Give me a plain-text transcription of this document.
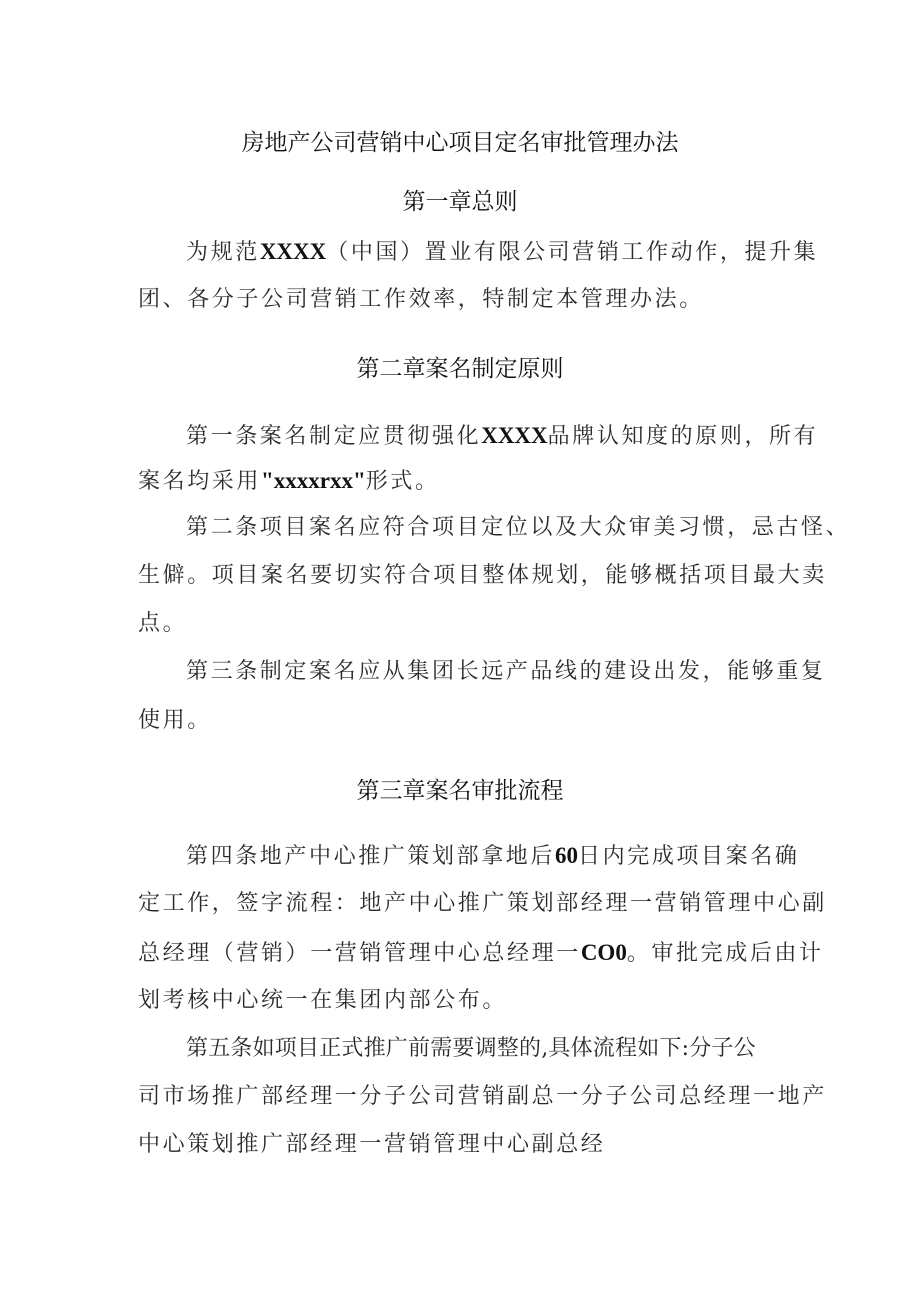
房地产公司营销中心项目定名审批管理办法
第一章总则
为规范XXXX（中国）置业有限公司营销工作动作，提升集
团、各分子公司营销工作效率，特制定本管理办法。
第二章案名制定原则
第一条案名制定应贯彻强化XXXX品牌认知度的原则，所有
案名均采用"xxxxrxx"形式。
第二条项目案名应符合项目定位以及大众审美习惯，忌古怪、
生僻。项目案名要切实符合项目整体规划，能够概括项目最大卖
点。
第三条制定案名应从集团长远产品线的建设出发，能够重复
使用。
第三章案名审批流程
第四条地产中心推广策划部拿地后60日内完成项目案名确
定工作，签字流程：地产中心推广策划部经理一营销管理中心副
总经理（营销）一营销管理中心总经理一CO0。审批完成后由计
划考核中心统一在集团内部公布。
第五条如项目正式推广前需要调整的,具体流程如下:分子公
司市场推广部经理一分子公司营销副总一分子公司总经理一地产
中心策划推广部经理一营销管理中心副总经
